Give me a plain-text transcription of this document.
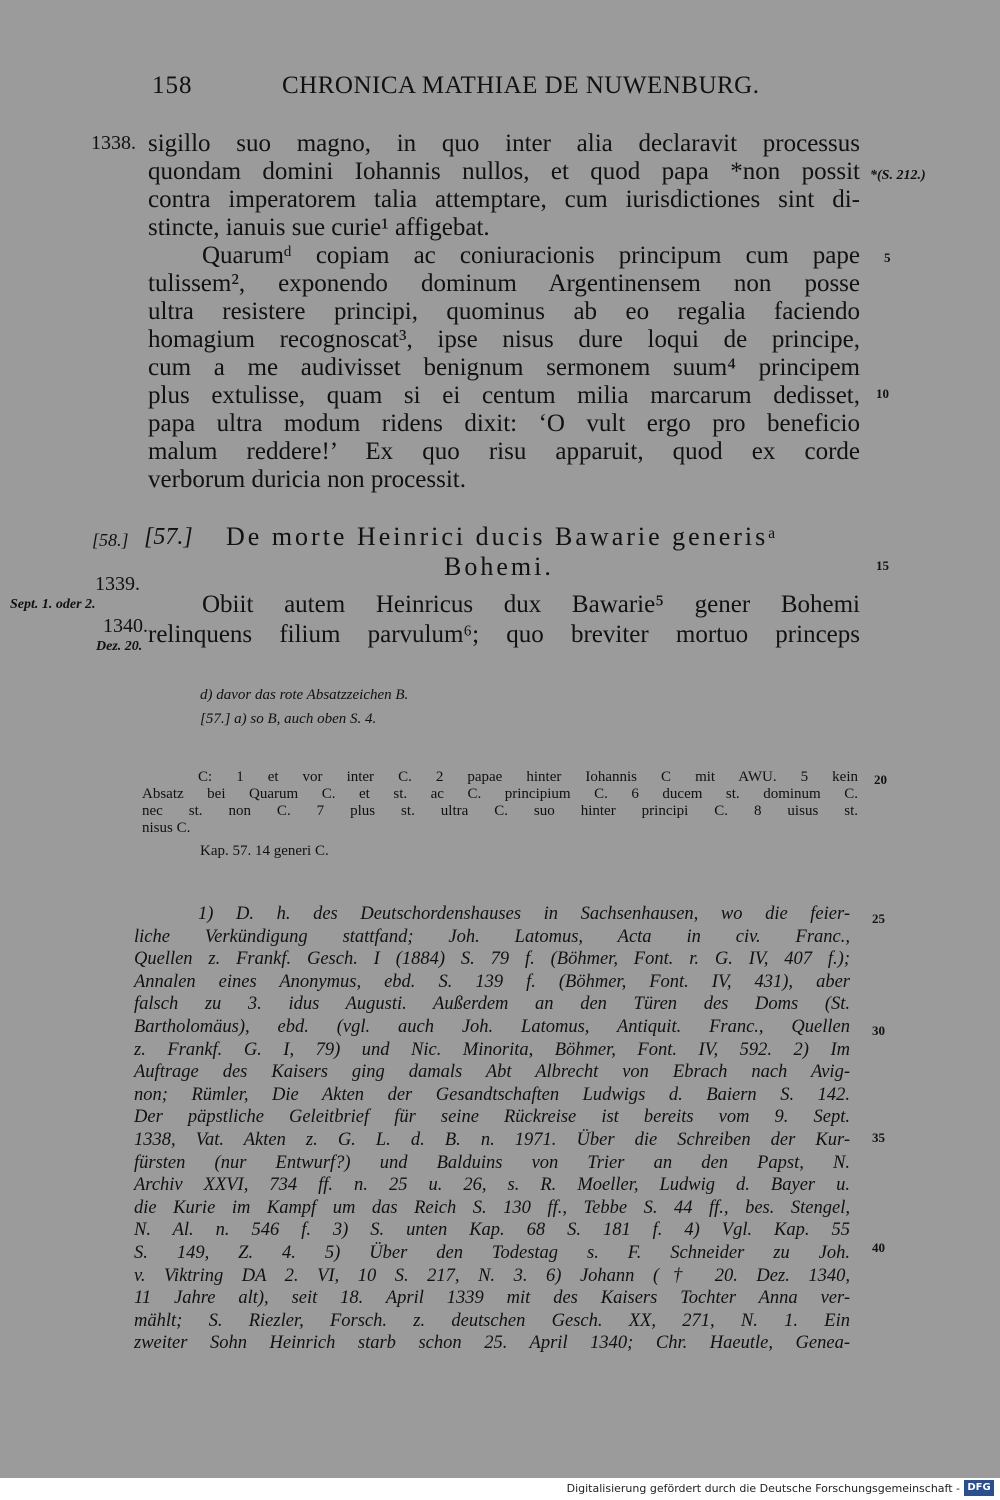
158	CHRONICA MATHIAE DE NUWENBURG.
1338. sigillo suo magno, in quo inter alia declaravit processus
quondam domini Iohannis nullos, et quod papa *non possit
contra imperatorem talia attemptare, cum iurisdictiones sint di-
stincte, ianuis sue curie¹ affigebat.
Quarumᵈ copiam ac coniuracionis principum cum pape
tulissem², exponendo dominum Argentinensem non posse
ultra resistere principi, quominus ab eo regalia faciendo
homagium recognoscat³, ipse nisus dure loqui de principe,
cum a me audivisset benignum sermonem suum⁴ principem
plus extulisse, quam si ei centum milia marcarum dedisset,
papa ultra modum ridens dixit: ‘O vult ergo pro beneficio
malum reddere!’ Ex quo risu apparuit, quod ex corde
verborum duricia non processit.
*(S. 212.)
5
10
[58.] [57.] De morte Heinrici ducis Bawarie generisᵃ
Bohemi.	15
1339.
Sept. 1. oder 2.
1340.
Dez. 20.
Obiit autem Heinricus dux Bawarie⁵ gener Bohemi
relinquens filium parvulum⁶; quo breviter mortuo princeps
d) davor das rote Absatzzeichen B.
[57.] a) so B, auch oben S. 4.
C: 1 et vor inter C. 2 papae hinter Iohannis C mit AWU. 5 kein
Absatz bei Quarum C. et st. ac C. principium C. 6 ducem st. dominum C.
nec st. non C. 7 plus st. ultra C. suo hinter principi C. 8 uisus st.
nisus C.
Kap. 57. 14 generi C.
20
1) D. h. des Deutschordenshauses in Sachsenhausen, wo die feier-
liche Verkündigung stattfand; Joh. Latomus, Acta in civ. Franc.,
Quellen z. Frankf. Gesch. I (1884) S. 79 f. (Böhmer, Font. r. G. IV, 407 f.);
Annalen eines Anonymus, ebd. S. 139 f. (Böhmer, Font. IV, 431), aber
falsch zu 3. idus Augusti. Außerdem an den Türen des Doms (St.
Bartholomäus), ebd. (vgl. auch Joh. Latomus, Antiquit. Franc., Quellen
z. Frankf. G. I, 79) und Nic. Minorita, Böhmer, Font. IV, 592. 2) Im
Auftrage des Kaisers ging damals Abt Albrecht von Ebrach nach Avig-
non; Rümler, Die Akten der Gesandtschaften Ludwigs d. Baiern S. 142.
Der päpstliche Geleitbrief für seine Rückreise ist bereits vom 9. Sept.
1338, Vat. Akten z. G. L. d. B. n. 1971. Über die Schreiben der Kur-
fürsten (nur Entwurf?) und Balduins von Trier an den Papst, N.
Archiv XXVI, 734 ff. n. 25 u. 26, s. R. Moeller, Ludwig d. Bayer u.
die Kurie im Kampf um das Reich S. 130 ff., Tebbe S. 44 ff., bes. Stengel,
N. Al. n. 546 f. 3) S. unten Kap. 68 S. 181 f. 4) Vgl. Kap. 55
S. 149, Z. 4. 5) Über den Todestag s. F. Schneider zu Joh.
v. Viktring DA 2. VI, 10 S. 217, N. 3. 6) Johann († 20. Dez. 1340,
11 Jahre alt), seit 18. April 1339 mit des Kaisers Tochter Anna ver-
mählt; S. Riezler, Forsch. z. deutschen Gesch. XX, 271, N. 1. Ein
zweiter Sohn Heinrich starb schon 25. April 1340; Chr. Haeutle, Genea-
25
30
35
40
Digitalisierung gefördert durch die Deutsche Forschungsgemeinschaft - DFG
